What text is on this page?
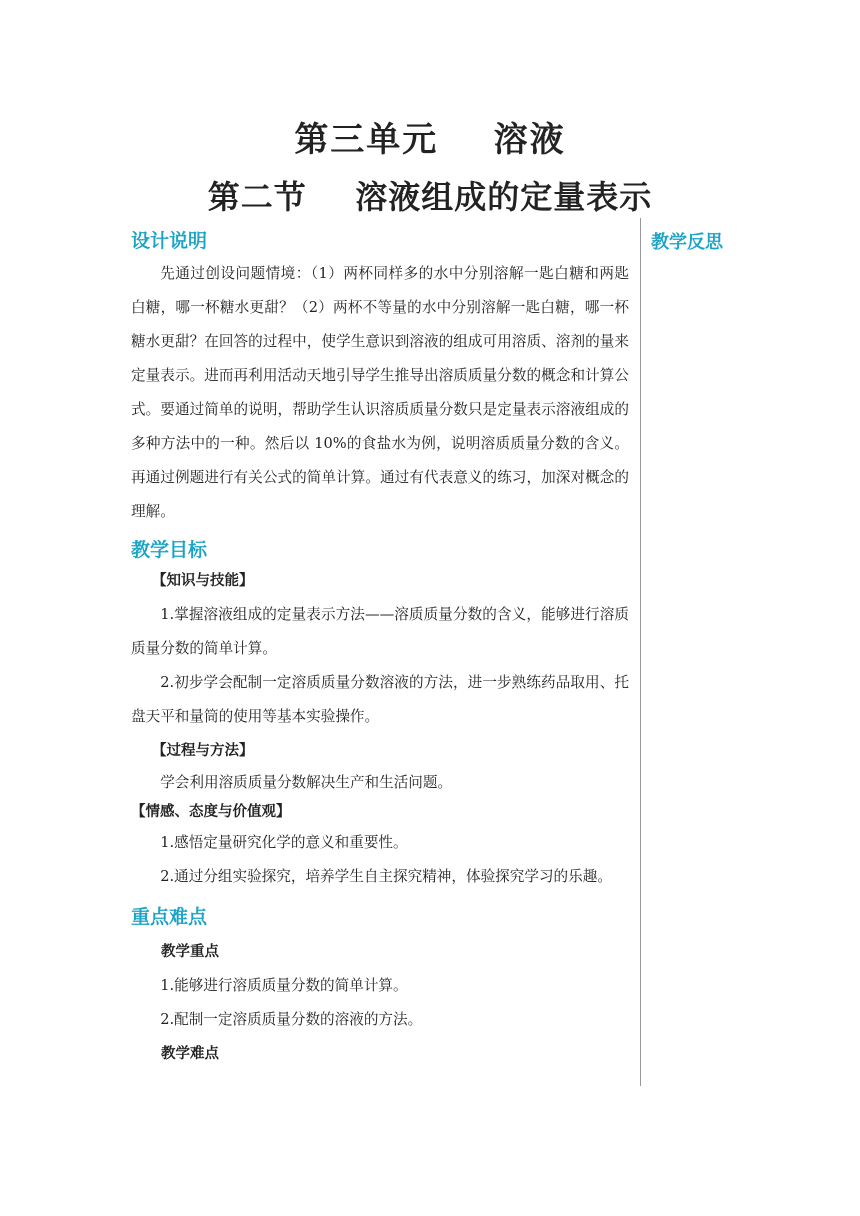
第三单元    溶液
第二节    溶液组成的定量表示
教学反思
设计说明

先通过创设问题情境：（1）两杯同样多的水中分别溶解一匙白糖和两匙白糖，哪一杯糖水更甜？（2）两杯不等量的水中分别溶解一匙白糖，哪一杯糖水更甜？在回答的过程中，使学生意识到溶液的组成可用溶质、溶剂的量来定量表示。进而再利用活动天地引导学生推导出溶质质量分数的概念和计算公式。要通过简单的说明，帮助学生认识溶质质量分数只是定量表示溶液组成的多种方法中的一种。然后以 10%的食盐水为例，说明溶质质量分数的含义。再通过例题进行有关公式的简单计算。通过有代表意义的练习，加深对概念的理解。

教学目标

【知识与技能】

1.掌握溶液组成的定量表示方法——溶质质量分数的含义，能够进行溶质质量分数的简单计算。

2.初步学会配制一定溶质质量分数溶液的方法，进一步熟练药品取用、托盘天平和量筒的使用等基本实验操作。

【过程与方法】

学会利用溶质质量分数解决生产和生活问题。

【情感、态度与价值观】

1.感悟定量研究化学的意义和重要性。

2.通过分组实验探究，培养学生自主探究精神，体验探究学习的乐趣。

重点难点

教学重点

1.能够进行溶质质量分数的简单计算。

2.配制一定溶质质量分数的溶液的方法。

教学难点
